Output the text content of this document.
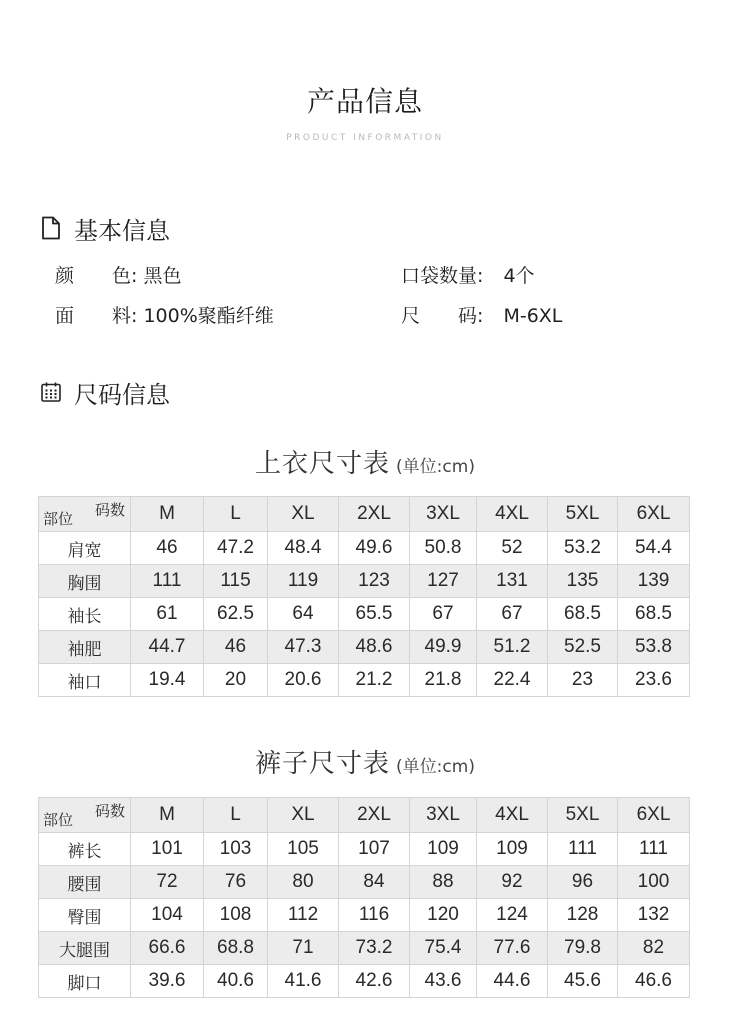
产品信息
PRODUCT INFORMATION
基本信息
颜　　色: 黑色	口袋数量: 4个
面　　料: 100%聚酯纤维	尺　　码: M-6XL
尺码信息
上衣尺寸表 (单位:cm)
码数
部位	M	L	XL	2XL	3XL	4XL	5XL	6XL
肩宽	46	47.2	48.4	49.6	50.8	52	53.2	54.4
胸围	111	115	119	123	127	131	135	139
袖长	61	62.5	64	65.5	67	67	68.5	68.5
袖肥	44.7	46	47.3	48.6	49.9	51.2	52.5	53.8
袖口	19.4	20	20.6	21.2	21.8	22.4	23	23.6
裤子尺寸表 (单位:cm)
码数
部位	M	L	XL	2XL	3XL	4XL	5XL	6XL
裤长	101	103	105	107	109	109	111	111
腰围	72	76	80	84	88	92	96	100
臀围	104	108	112	116	120	124	128	132
大腿围	66.6	68.8	71	73.2	75.4	77.6	79.8	82
脚口	39.6	40.6	41.6	42.6	43.6	44.6	45.6	46.6
